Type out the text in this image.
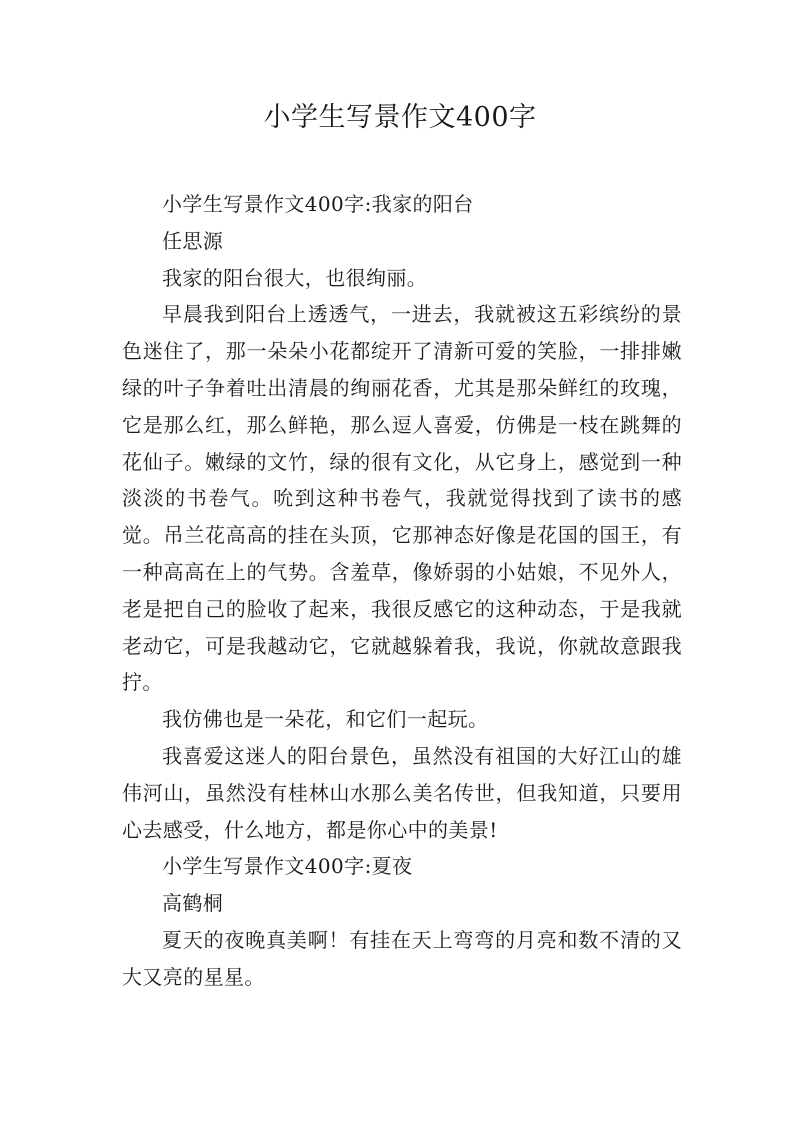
小学生写景作文400字

小学生写景作文400字:我家的阳台

任思源

我家的阳台很大，也很绚丽。

早晨我到阳台上透透气，一进去，我就被这五彩缤纷的景色迷住了，那一朵朵小花都绽开了清新可爱的笑脸，一排排嫩绿的叶子争着吐出清晨的绚丽花香，尤其是那朵鲜红的玫瑰，它是那么红，那么鲜艳，那么逗人喜爱，仿佛是一枝在跳舞的花仙子。嫩绿的文竹，绿的很有文化，从它身上，感觉到一种淡淡的书卷气。吮到这种书卷气，我就觉得找到了读书的感觉。吊兰花高高的挂在头顶，它那神态好像是花国的国王，有一种高高在上的气势。含羞草，像娇弱的小姑娘，不见外人，老是把自己的脸收了起来，我很反感它的这种动态，于是我就老动它，可是我越动它，它就越躲着我，我说，你就故意跟我拧。

我仿佛也是一朵花，和它们一起玩。

我喜爱这迷人的阳台景色，虽然没有祖国的大好江山的雄伟河山，虽然没有桂林山水那么美名传世，但我知道，只要用心去感受，什么地方，都是你心中的美景!

小学生写景作文400字:夏夜

高鹤桐

夏天的夜晚真美啊！有挂在天上弯弯的月亮和数不清的又大又亮的星星。
